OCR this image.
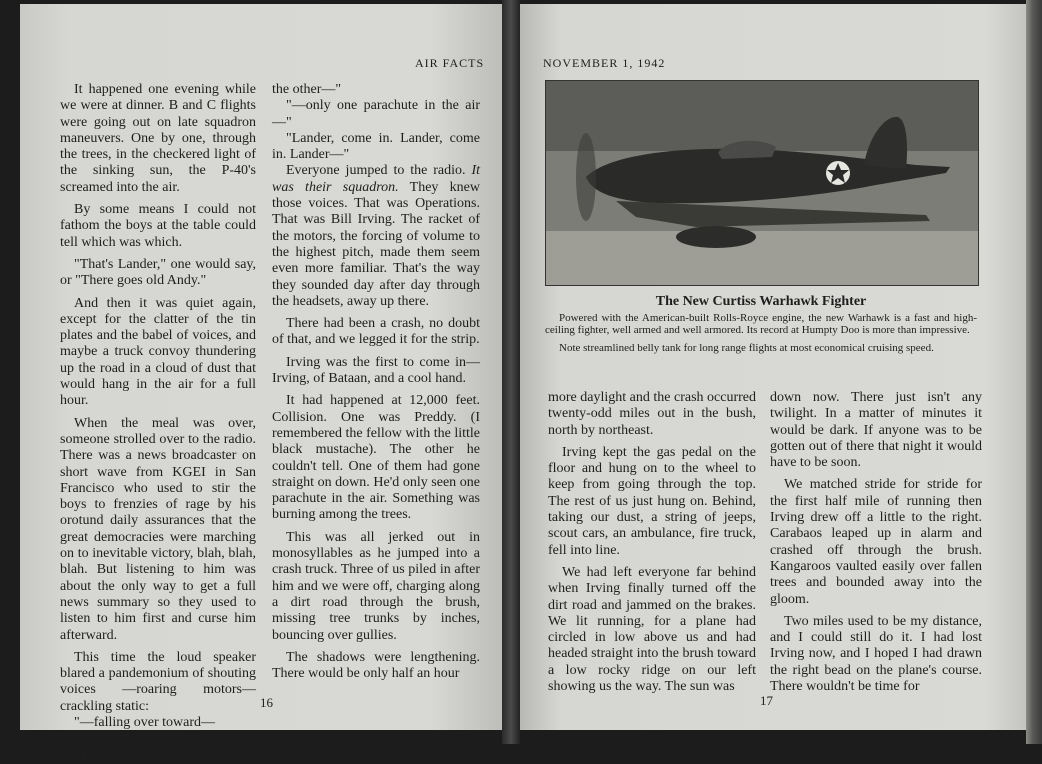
AIR FACTS

It happened one evening while we were at dinner. B and C flights were going out on late squadron maneuvers. One by one, through the trees, in the checkered light of the sinking sun, the P-40's screamed into the air.

By some means I could not fathom the boys at the table could tell which was which.

"That's Lander," one would say, or "There goes old Andy."

And then it was quiet again, except for the clatter of the tin plates and the babel of voices, and maybe a truck convoy thundering up the road in a cloud of dust that would hang in the air for a full hour.

When the meal was over, someone strolled over to the radio. There was a news broadcaster on short wave from KGEI in San Francisco who used to stir the boys to frenzies of rage by his orotund daily assurances that the great democracies were marching on to inevitable victory, blah, blah, blah. But listening to him was about the only way to get a full news summary so they used to listen to him first and curse him afterward.

This time the loud speaker blared a pandemonium of shouting voices —roaring motors—crackling static:

"—falling over toward—

"Hello—hello—hello!

"Yes, burning. No, not that one,

the other—"

"—only one parachute in the air—"

"Lander, come in. Lander, come in. Lander—"

Everyone jumped to the radio. It was their squadron. They knew those voices. That was Operations. That was Bill Irving. The racket of the motors, the forcing of volume to the highest pitch, made them seem even more familiar. That's the way they sounded day after day through the headsets, away up there.

There had been a crash, no doubt of that, and we legged it for the strip.

Irving was the first to come in—Irving, of Bataan, and a cool hand.

It had happened at 12,000 feet. Collision. One was Preddy. (I remembered the fellow with the little black mustache). The other he couldn't tell. One of them had gone straight on down. He'd only seen one parachute in the air. Something was burning among the trees.

This was all jerked out in monosyllables as he jumped into a crash truck. Three of us piled in after him and we were off, charging along a dirt road through the brush, missing tree trunks by inches, bouncing over gullies.

The shadows were lengthening. There would be only half an hour

16
NOVEMBER 1, 1942
The New Curtiss Warhawk Fighter

Powered with the American-built Rolls-Royce engine, the new Warhawk is a fast and high-ceiling fighter, well armed and well armored. Its record at Humpty Doo is more than impressive.

Note streamlined belly tank for long range flights at most economical cruising speed.

more daylight and the crash occurred twenty-odd miles out in the bush, north by northeast.

Irving kept the gas pedal on the floor and hung on to the wheel to keep from going through the top. The rest of us just hung on. Behind, taking our dust, a string of jeeps, scout cars, an ambulance, fire truck, fell into line.

We had left everyone far behind when Irving finally turned off the dirt road and jammed on the brakes. We lit running, for a plane had circled in low above us and had headed straight into the brush toward a low rocky ridge on our left showing us the way. The sun was

down now. There just isn't any twilight. In a matter of minutes it would be dark. If anyone was to be gotten out of there that night it would have to be soon.

We matched stride for stride for the first half mile of running then Irving drew off a little to the right. Carabaos leaped up in alarm and crashed off through the brush. Kangaroos vaulted easily over fallen trees and bounded away into the gloom.

Two miles used to be my distance, and I could still do it. I had lost Irving now, and I hoped I had drawn the right bead on the plane's course. There wouldn't be time for

17
